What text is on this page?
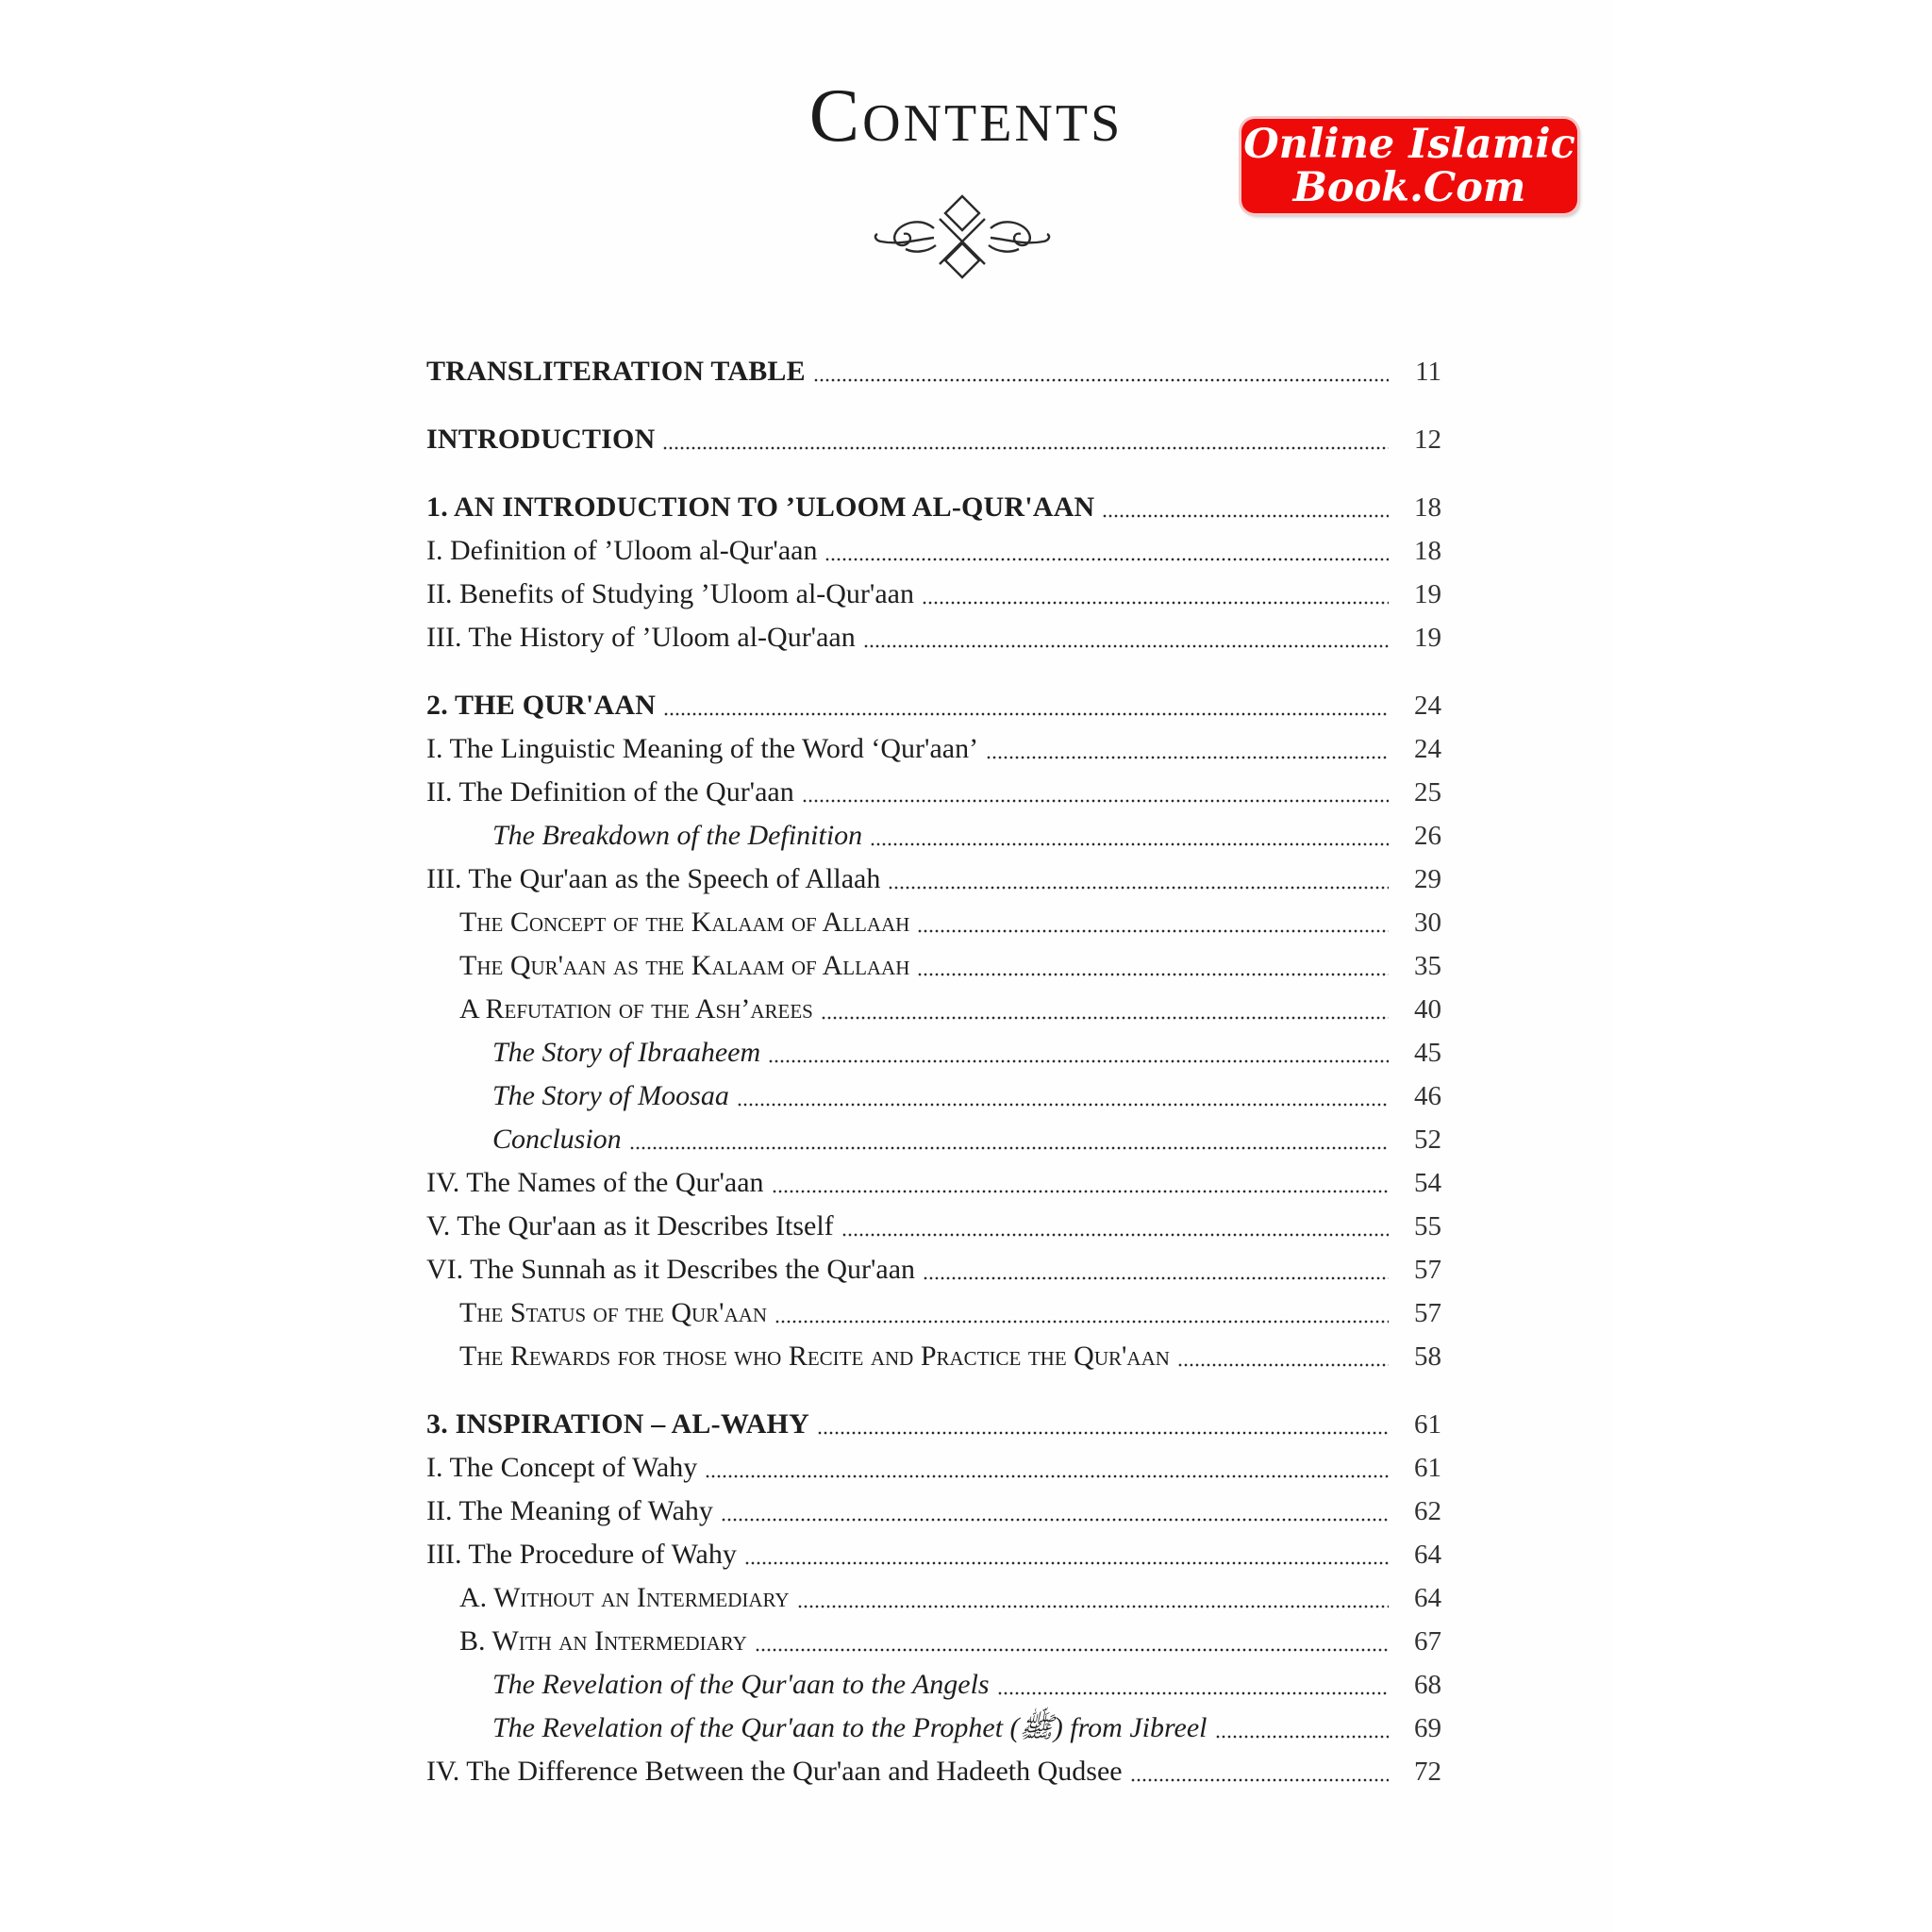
Contents	Online Islamic
Book.Com
TRANSLITERATION TABLE	11
INTRODUCTION	12
1. AN INTRODUCTION TO ’ULOOM AL-QUR'AAN	18
I. Definition of ’Uloom al-Qur'aan	18
II. Benefits of Studying ’Uloom al-Qur'aan	19
III. The History of ’Uloom al-Qur'aan	19
2. THE QUR'AAN	24
I. The Linguistic Meaning of the Word ‘Qur'aan’	24
II. The Definition of the Qur'aan	25
The Breakdown of the Definition	26
III. The Qur'aan as the Speech of Allaah	29
The Concept of the Kalaam of Allaah	30
The Qur'aan as the Kalaam of Allaah	35
A Refutation of the Ash’arees	40
The Story of Ibraaheem	45
The Story of Moosaa	46
Conclusion	52
IV. The Names of the Qur'aan	54
V. The Qur'aan as it Describes Itself	55
VI. The Sunnah as it Describes the Qur'aan	57
The Status of the Qur'aan	57
The Rewards for those who Recite and Practice the Qur'aan	58
3. INSPIRATION – AL-WAHY	61
I. The Concept of Wahy	61
II. The Meaning of Wahy	62
III. The Procedure of Wahy	64
A. Without an Intermediary	64
B. With an Intermediary	67
The Revelation of the Qur'aan to the Angels	68
The Revelation of the Qur'aan to the Prophet (ﷺ) from Jibreel	69
IV. The Difference Between the Qur'aan and Hadeeth Qudsee	72
